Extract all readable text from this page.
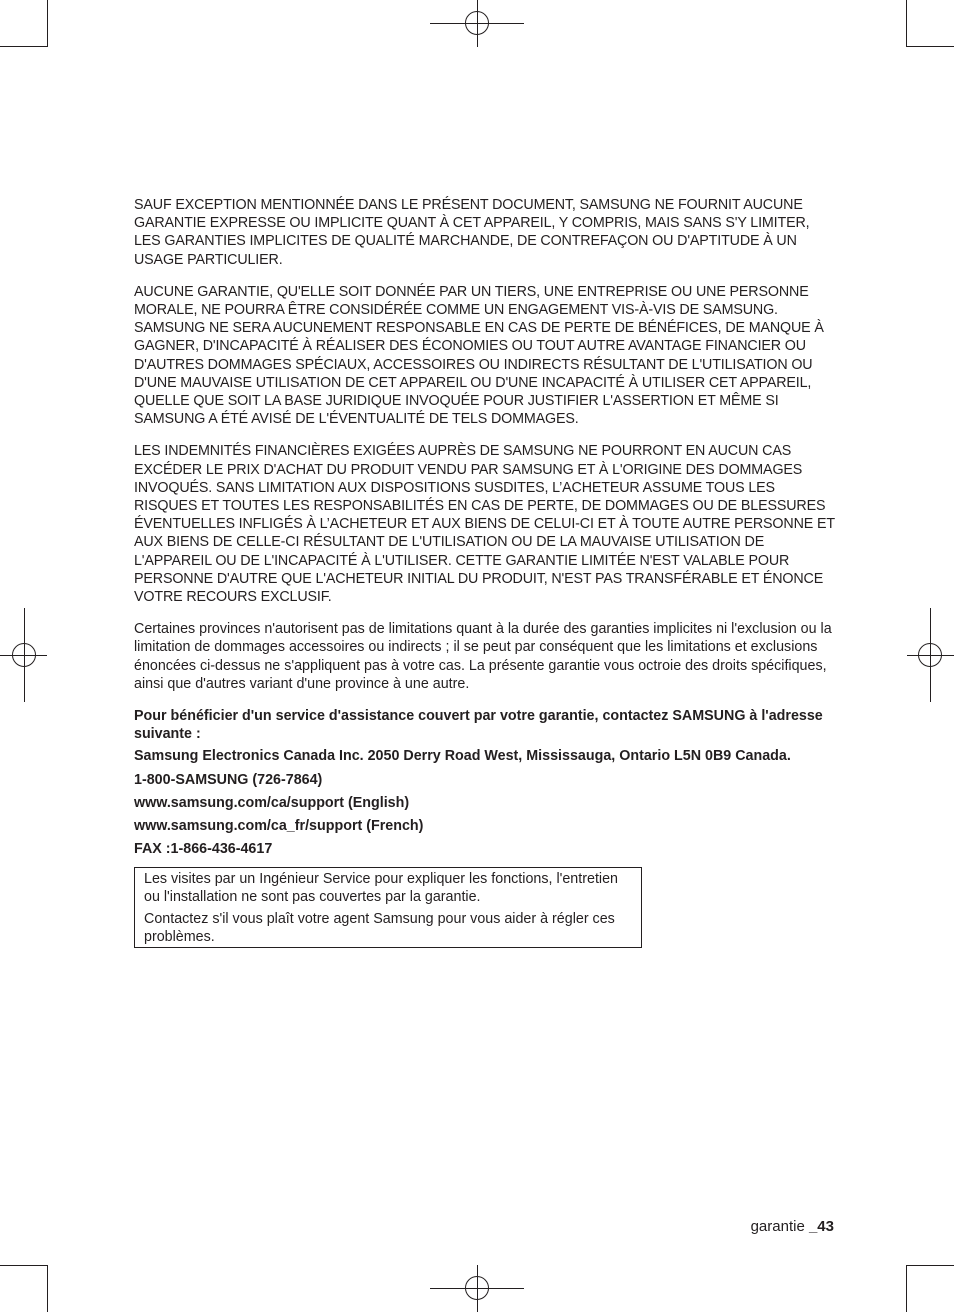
SAUF EXCEPTION MENTIONNÉE DANS LE PRÉSENT DOCUMENT, SAMSUNG NE FOURNIT AUCUNE GARANTIE EXPRESSE OU IMPLICITE QUANT À CET APPAREIL, Y COMPRIS, MAIS SANS S'Y LIMITER, LES GARANTIES IMPLICITES DE QUALITÉ MARCHANDE, DE CONTREFAÇON OU D'APTITUDE À UN USAGE PARTICULIER.

AUCUNE GARANTIE, QU'ELLE SOIT DONNÉE PAR UN TIERS, UNE ENTREPRISE OU UNE PERSONNE MORALE, NE POURRA ÊTRE CONSIDÉRÉE COMME UN ENGAGEMENT VIS-À-VIS DE SAMSUNG. SAMSUNG NE SERA AUCUNEMENT RESPONSABLE EN CAS DE PERTE DE BÉNÉFICES, DE MANQUE À GAGNER, D'INCAPACITÉ À RÉALISER DES ÉCONOMIES OU TOUT AUTRE AVANTAGE FINANCIER OU D'AUTRES DOMMAGES SPÉCIAUX, ACCESSOIRES OU INDIRECTS RÉSULTANT DE L'UTILISATION OU D'UNE MAUVAISE UTILISATION DE CET APPAREIL OU D'UNE INCAPACITÉ À UTILISER CET APPAREIL, QUELLE QUE SOIT LA BASE JURIDIQUE INVOQUÉE POUR JUSTIFIER L'ASSERTION ET MÊME SI SAMSUNG A ÉTÉ AVISÉ DE L'ÉVENTUALITÉ DE TELS DOMMAGES.

LES INDEMNITÉS FINANCIÈRES EXIGÉES AUPRÈS DE SAMSUNG NE POURRONT EN AUCUN CAS EXCÉDER LE PRIX D'ACHAT DU PRODUIT VENDU PAR SAMSUNG ET À L'ORIGINE DES DOMMAGES INVOQUÉS. SANS LIMITATION AUX DISPOSITIONS SUSDITES, L’ACHETEUR ASSUME TOUS LES RISQUES ET TOUTES LES RESPONSABILITÉS EN CAS DE PERTE, DE DOMMAGES OU DE BLESSURES ÉVENTUELLES INFLIGÉS À L’ACHETEUR ET AUX BIENS DE CELUI-CI ET À TOUTE AUTRE PERSONNE ET AUX BIENS DE CELLE-CI RÉSULTANT DE L'UTILISATION OU DE LA MAUVAISE UTILISATION DE L'APPAREIL OU DE L'INCAPACITÉ À L'UTILISER. CETTE GARANTIE LIMITÉE N'EST VALABLE POUR PERSONNE D'AUTRE QUE L'ACHETEUR INITIAL DU PRODUIT, N'EST PAS TRANSFÉRABLE ET ÉNONCE VOTRE RECOURS EXCLUSIF.

Certaines provinces n'autorisent pas de limitations quant à la durée des garanties implicites ni l'exclusion ou la limitation de dommages accessoires ou indirects ; il se peut par conséquent que les limitations et exclusions énoncées ci-dessus ne s'appliquent pas à votre cas. La présente garantie vous octroie des droits spécifiques, ainsi que d'autres variant d'une province à une autre.

Pour bénéficier d'un service d'assistance couvert par votre garantie, contactez SAMSUNG à l'adresse suivante :

Samsung Electronics Canada Inc. 2050 Derry Road West, Mississauga, Ontario L5N 0B9 Canada.

1-800-SAMSUNG (726-7864)

www.samsung.com/ca/support (English)

www.samsung.com/ca_fr/support (French)

FAX :1-866-436-4617

Les visites par un Ingénieur Service pour expliquer les fonctions, l'entretien ou l'installation ne sont pas couvertes par la garantie.

Contactez s'il vous plaît votre agent Samsung pour vous aider à régler ces problèmes.

garantie _43
